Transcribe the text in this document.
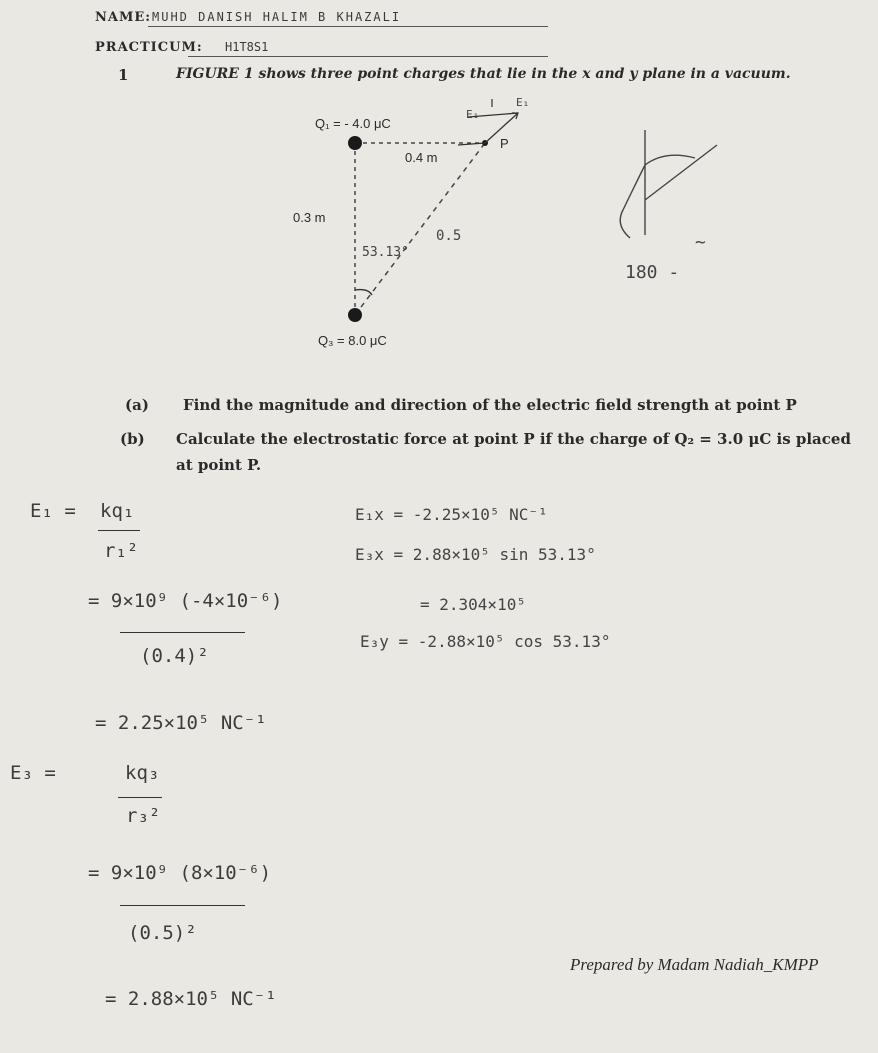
NAME: MUHD DANISH HALIM B KHAZALI
PRACTICUM: H1T8S1
1	FIGURE 1 shows three point charges that lie in the x and y plane in a vacuum.
Q₁ = - 4.0 μC
P
0.4 m
0.3 m
Q₃ = 8.0 μC
E₁
E₁
0.5
53.13°	~
180 -
(a) Find the magnitude and direction of the electric field strength at point P
(b) Calculate the electrostatic force at point P if the charge of Q₂ = 3.0 μC is placed
at point P.
E₁ = kq₁
r₁²
= 9×10⁹ (-4×10⁻⁶)
(0.4)²
= 2.25×10⁵ NC⁻¹
E₃ =	kq₃
r₃²
= 9×10⁹ (8×10⁻⁶)
(0.5)²
= 2.88×10⁵ NC⁻¹
E₁x = -2.25×10⁵ NC⁻¹
E₃x = 2.88×10⁵ sin 53.13°
= 2.304×10⁵
E₃y = -2.88×10⁵ cos 53.13°
Prepared by Madam Nadiah_KMPP
